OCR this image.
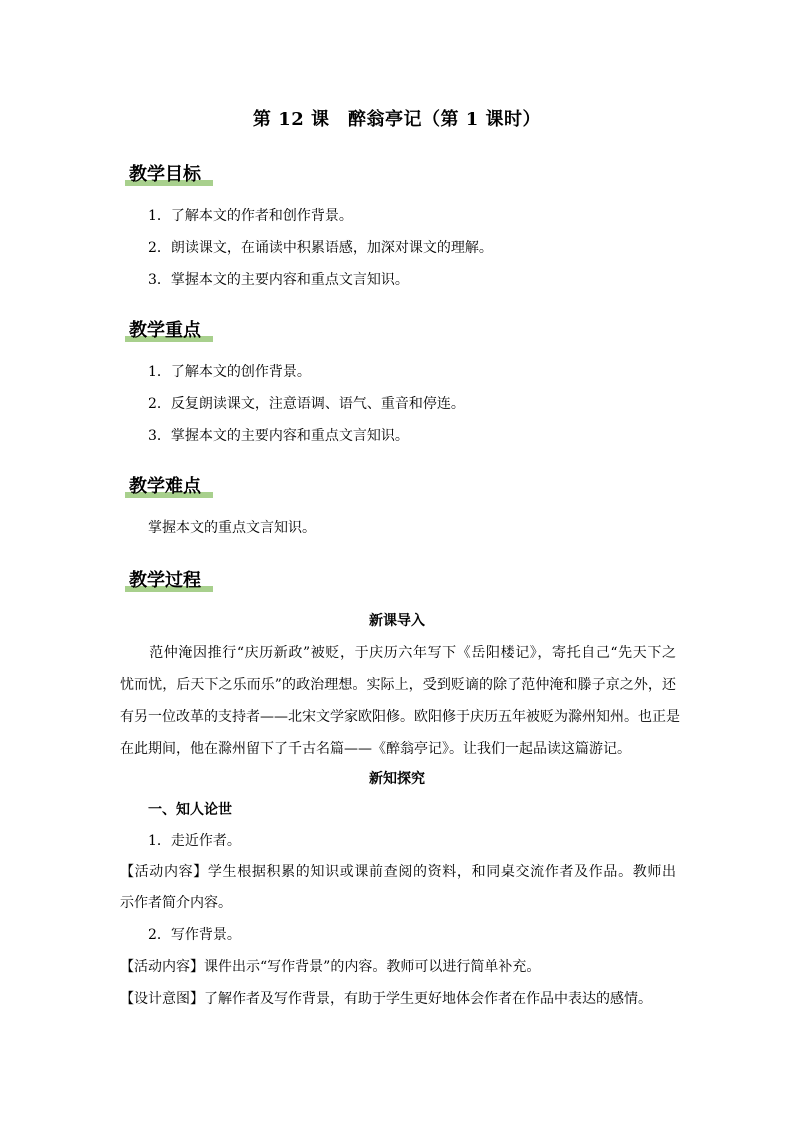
第 12 课　醉翁亭记（第 1 课时）
教学目标
1．了解本文的作者和创作背景。
2．朗读课文，在诵读中积累语感，加深对课文的理解。
3．掌握本文的主要内容和重点文言知识。
教学重点
1．了解本文的创作背景。
2．反复朗读课文，注意语调、语气、重音和停连。
3．掌握本文的主要内容和重点文言知识。
教学难点
掌握本文的重点文言知识。
教学过程
新课导入
　　范仲淹因推行“庆历新政”被贬，于庆历六年写下《岳阳楼记》，寄托自己“先天下之
忧而忧，后天下之乐而乐”的政治理想。实际上，受到贬谪的除了范仲淹和滕子京之外，还
有另一位改革的支持者——北宋文学家欧阳修。欧阳修于庆历五年被贬为滁州知州。也正是
在此期间，他在滁州留下了千古名篇——《醉翁亭记》。让我们一起品读这篇游记。
新知探究
一、知人论世
1．走近作者。
【活动内容】学生根据积累的知识或课前查阅的资料，和同桌交流作者及作品。教师出
示作者简介内容。
2．写作背景。
【活动内容】课件出示“写作背景”的内容。教师可以进行简单补充。
【设计意图】了解作者及写作背景，有助于学生更好地体会作者在作品中表达的感情。
